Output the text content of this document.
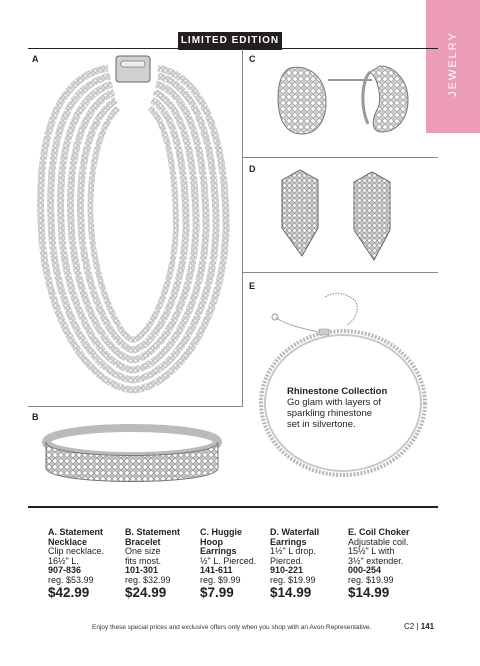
LIMITED EDITION	JEWELRY
A	C
D
E
B
Rhinestone Collection
Go glam with layers of
sparkling rhinestone
set in silvertone.
A. Statement
Necklace
Clip necklace.
16½" L.
907-836
reg. $53.99
$42.99
B. Statement
Bracelet
One size
fits most.
101-301
reg. $32.99
$24.99
C. Huggie
Hoop
Earrings
½" L. Pierced.
141-611
reg. $9.99
$7.99
D. Waterfall
Earrings
1½" L drop.
Pierced.
910-221
reg. $19.99
$14.99
E. Coil Choker
Adjustable coil.
15½" L with
3½" extender.
000-254
reg. $19.99
$14.99
Enjoy these special prices and exclusive offers only when you shop with an Avon Representative.	C2 | 141
